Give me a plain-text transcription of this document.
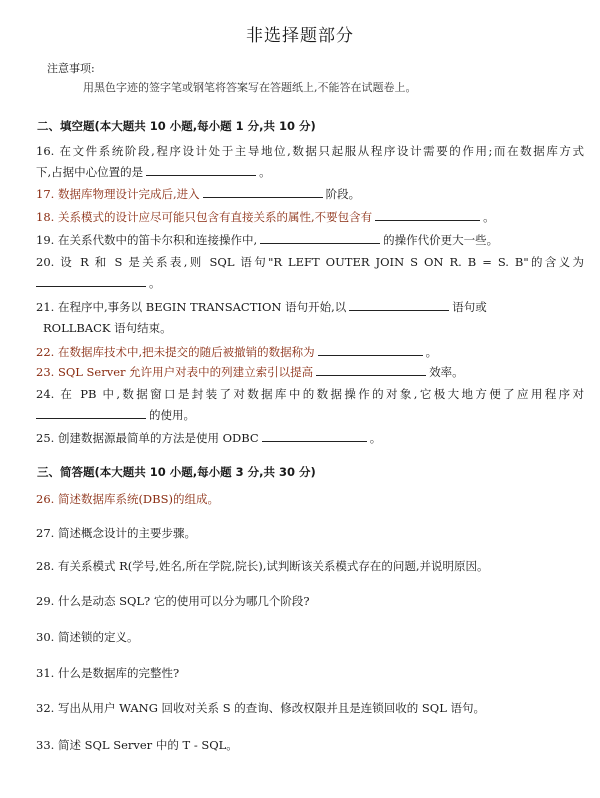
非选择题部分
注意事项:
用黑色字迹的签字笔或钢笔将答案写在答题纸上,不能答在试题卷上。
二、填空题(本大题共 10 小题,每小题 1 分,共 10 分)
16. 在文件系统阶段,程序设计处于主导地位,数据只起服从程序设计需要的作用;而在数据库方式
下,占据中心位置的是	。
17. 数据库物理设计完成后,进入	阶段。
18. 关系模式的设计应尽可能只包含有直接关系的属性,不要包含有	。
19. 在关系代数中的笛卡尔积和连接操作中,	的操作代价更大一些。
20. 设 R 和 S 是关系表,则 SQL 语句"R LEFT OUTER JOIN S ON R. B = S. B"的含义为
。
21. 在程序中,事务以 BEGIN TRANSACTION 语句开始,以	语句或
ROLLBACK 语句结束。
22. 在数据库技术中,把未提交的随后被撤销的数据称为	。
23. SQL Server 允许用户对表中的列建立索引以提高	效率。
24. 在 PB 中,数据窗口是封装了对数据库中的数据操作的对象,它极大地方便了应用程序对
的使用。
25. 创建数据源最简单的方法是使用 ODBC	。
三、简答题(本大题共 10 小题,每小题 3 分,共 30 分)
26. 简述数据库系统(DBS)的组成。
27. 简述概念设计的主要步骤。
28. 有关系模式 R(学号,姓名,所在学院,院长),试判断该关系模式存在的问题,并说明原因。
29. 什么是动态 SQL? 它的使用可以分为哪几个阶段?
30. 简述锁的定义。
31. 什么是数据库的完整性?
32. 写出从用户 WANG 回收对关系 S 的查询、修改权限并且是连锁回收的 SQL 语句。
33. 简述 SQL Server 中的 T - SQL。
